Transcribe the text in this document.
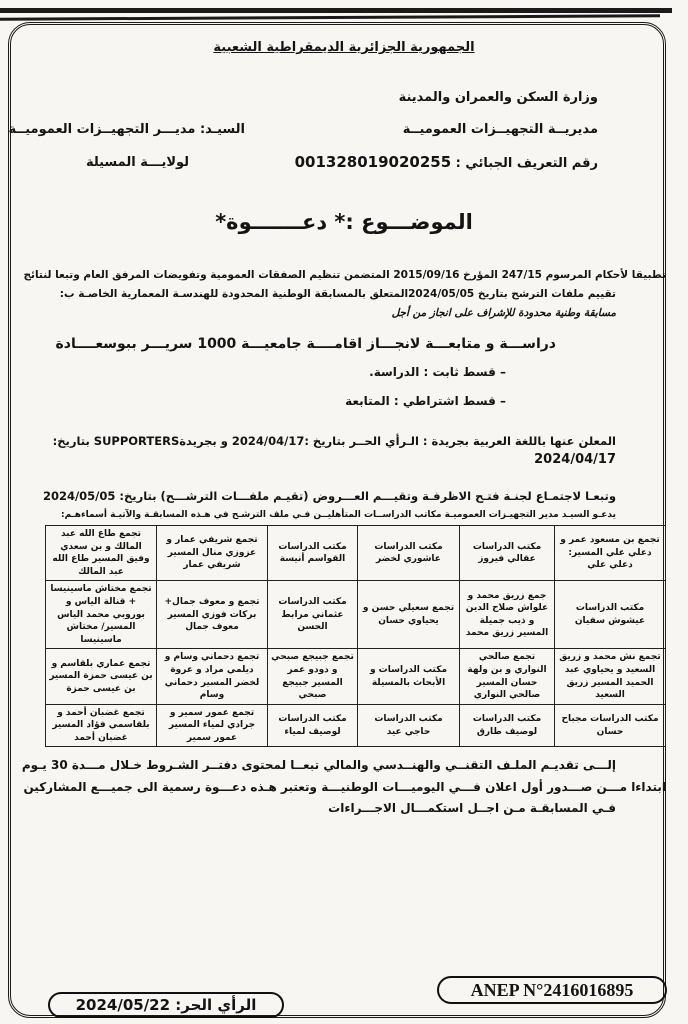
الجمهورية الجزائرية الديمقراطية الشعبية
وزارة السكن والعمران والمدينة
مديريــة التجهيــزات العموميــة
رقم التعريف الجبائي : 001328019020255
السيـد: مديـــر التجهيــزات العموميــة
لولايـــة المسيلة
الموضـــوع :* دعـــــــوة*
تطبيقا لأحكام المرسوم 247/15 المؤرخ 2015/09/16 المتضمن تنظيم الصفقات العمومية وتفويضات المرفق العام وتبعا لنتائج
تقييم ملفات الترشح بتاريخ 2024/05/05المتعلق بالمسابقة الوطنية المحدودة للهندسـة المعمارية الخاصـة ب:
مسابقة وطنية محدودة للإشراف على انجاز من أجل
دراســـة و متابعـــة لانجـــاز اقامــــة جامعيـــة 1000 سريـــر ببوسعــــادة
– قسط ثابت : الدراسة.
– قسط اشتراطي : المتابعة
المعلن عنها باللغة العربية بجريدة : الـرأي الحــر بتاريخ :2024/04/17 و بجريدةSUPPORTERS بتاريخ:
2024/04/17
وتبعـا لاجتمـاع لجنـة فتـح الاظرفـة وتقيـــم العـــروض (تقيـم ملفـــات الترشـــح) بتاريخ: 2024/05/05
يدعـو السيـد مدير التجهيـزات العموميـة مكاتب الدراســات المتأهليــن فـي ملف الترشـح في هـذه المسابقـة والآتيـة أسماءهـم:
تجمع بن مسعود عمر و دعلي علي المسير: دعلي علي	مكتب الدراسات عقالي فيروز	مكتب الدراسات عاشوري لخضر	مكتب الدراسات القواسم أنيسة	تجمع شريفي عمار و عزوزي منال المسير شريفي عمار	تجمع طاع الله عبد المالك و بن سعدي وفيق المسير طاع الله عبد المالك
مكتب الدراسات عيشوش سفيان	جمع زريق محمد و علواش صلاح الدين و ذيب جميلة المسير زريق محمد	تجمع سعيلي حسن و يحياوي حسان	مكتب الدراسات عثماني مرابط الحسن	تجمع و معوف جمال+ بركات فوزي المسير معوف جمال	تجمع مختاش ماسينيسا + قنالة الياس و بوروبي محمد الياس المسير/ مختاش ماسينيسا
تجمع نش محمد و زريق السعيد و يحياوي عبد الحميد المسير زريق السعيد	تجمع صالحي النواري و بن ولهة حسان المسير صالحي النواري	مكتب الدراسات و الأبحاث بالمسيلة	تجمع جبيجع صبحي و دودو عمر المسير جبيجع صبحي	تجمع دحماني وسام و ديلمي مراد و عروة لخضر المسير دحماني وسام	تجمع عماري بلقاسم و بن عيسى حمزة المسير بن عيسى حمزة
مكتب الدراسات مجباح حسان	مكتب الدراسات لوصيف طارق	مكتب الدراسات حاجي عيد	مكتب الدراسات لوصيف لمياء	تجمع عمور سمير و جرادي لمياء المسير عمور سمير	تجمع غضبان أحمد و بلقاسمي فؤاد المسير غضبان أحمد
إلـــى تقديـم الملـف التقنــي والهنــدسي والمالي تبعــا لمحتوى دفتــر الشـروط خـلال مـــدة 30 يـوم
ابتداءا مـــن صـــدور أول اعلان فـــي اليوميـــات الوطنيـــة وتعتبر هـذه دعـــوة رسمية الى جميـــع المشاركين
فـي المسابقـة مـن اجــل استكمـــال الاجـــراءات
ANEP N°2416016895
الرأي الحر: 2024/05/22
